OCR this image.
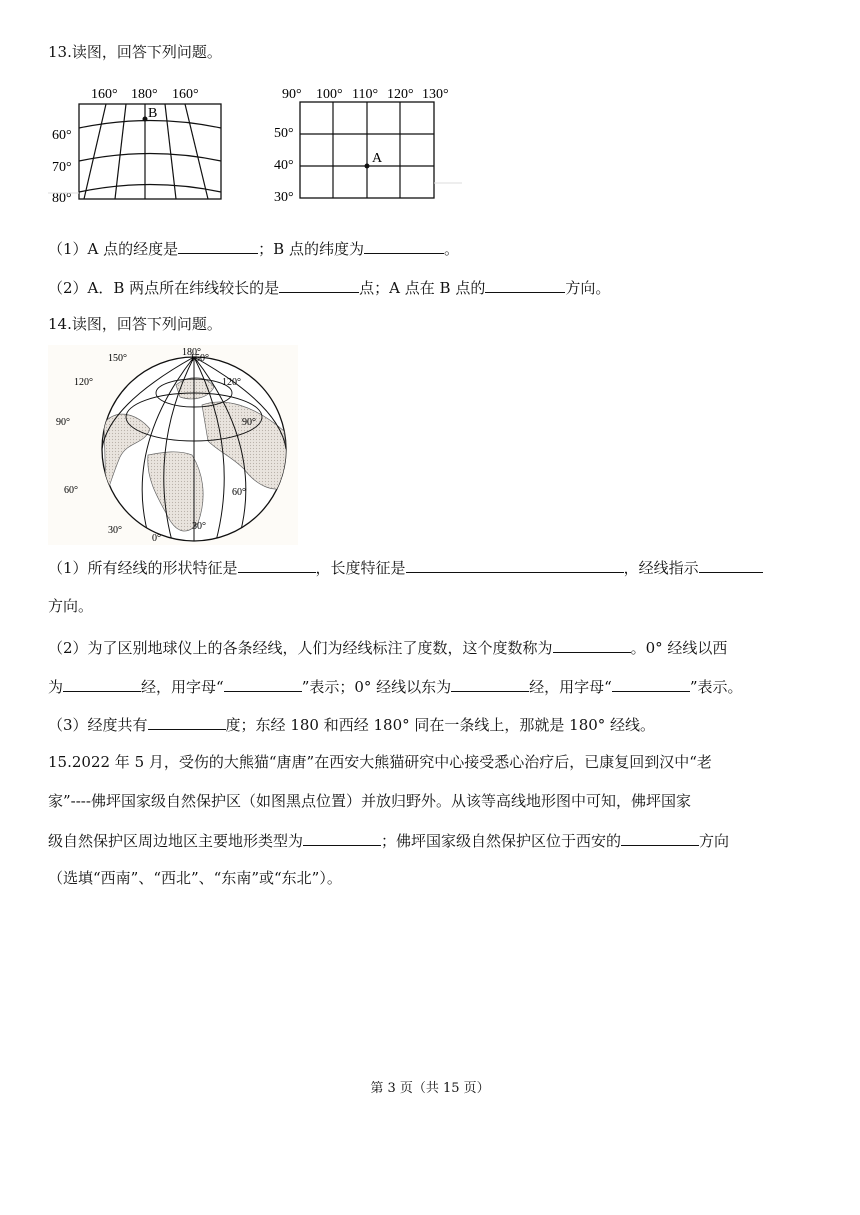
13.读图，回答下列问题。
160° 180° 160°
60°
70°
80°
B
90° 100° 110° 120° 130°
50°
40°
30°
A
（1）A 点的经度是	；B 点的纬度为	。
（2）A．B 两点所在纬线较长的是	点；A 点在 B 点的	方向。
14.读图，回答下列问题。
180°
150°	150°
120°
90°
60°
30°
120°
90°
60°
30°
0°
（1）所有经线的形状特征是	，长度特征是	，经线指示
方向。
（2）为了区别地球仪上的各条经线，人们为经线标注了度数，这个度数称为	。0° 经线以西
为	经，用字母“	”表示；0° 经线以东为	经，用字母“	”表示。
（3）经度共有	度；东经 180 和西经 180° 同在一条线上，那就是 180° 经线。
15.2022 年 5 月，受伤的大熊猫“唐唐”在西安大熊猫研究中心接受悉心治疗后，已康复回到汉中“老
家”----佛坪国家级自然保护区（如图黑点位置）并放归野外。从该等高线地形图中可知，佛坪国家
级自然保护区周边地区主要地形类型为	；佛坪国家级自然保护区位于西安的	方向
（选填“西南”、“西北”、“东南”或“东北”）。
第 3 页（共 15 页）
